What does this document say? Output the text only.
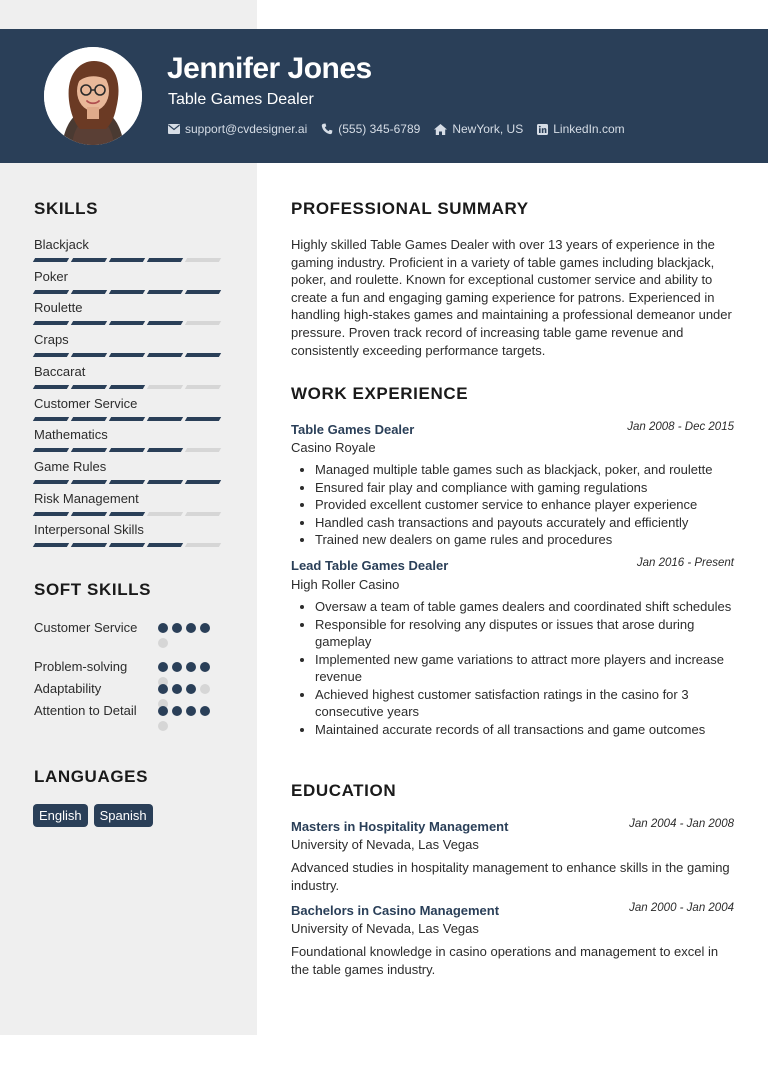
Jennifer Jones
Table Games Dealer
support@cvdesigner.ai	(555) 345-6789	NewYork, US	LinkedIn.com
SKILLS
Blackjack
Poker
Roulette
Craps
Baccarat
Customer Service
Mathematics
Game Rules
Risk Management
Interpersonal Skills
SOFT SKILLS
Customer Service
Problem-solving
Adaptability
Attention to Detail
LANGUAGES
English	Spanish
PROFESSIONAL SUMMARY
Highly skilled Table Games Dealer with over 13 years of experience in the gaming industry. Proficient in a variety of table games including blackjack, poker, and roulette. Known for exceptional customer service and ability to create a fun and engaging gaming experience for patrons. Experienced in handling high-stakes games and maintaining a professional demeanor under pressure. Proven track record of increasing table game revenue and consistently exceeding performance targets.
WORK EXPERIENCE
Table Games Dealer	Jan 2008 - Dec 2015
Casino Royale
• Managed multiple table games such as blackjack, poker, and roulette
• Ensured fair play and compliance with gaming regulations
• Provided excellent customer service to enhance player experience
• Handled cash transactions and payouts accurately and efficiently
• Trained new dealers on game rules and procedures
Lead Table Games Dealer	Jan 2016 - Present
High Roller Casino
• Oversaw a team of table games dealers and coordinated shift schedules
• Responsible for resolving any disputes or issues that arose during gameplay
• Implemented new game variations to attract more players and increase revenue
• Achieved highest customer satisfaction ratings in the casino for 3 consecutive years
• Maintained accurate records of all transactions and game outcomes
EDUCATION
Masters in Hospitality Management	Jan 2004 - Jan 2008
University of Nevada, Las Vegas
Advanced studies in hospitality management to enhance skills in the gaming industry.
Bachelors in Casino Management	Jan 2000 - Jan 2004
University of Nevada, Las Vegas
Foundational knowledge in casino operations and management to excel in the table games industry.
